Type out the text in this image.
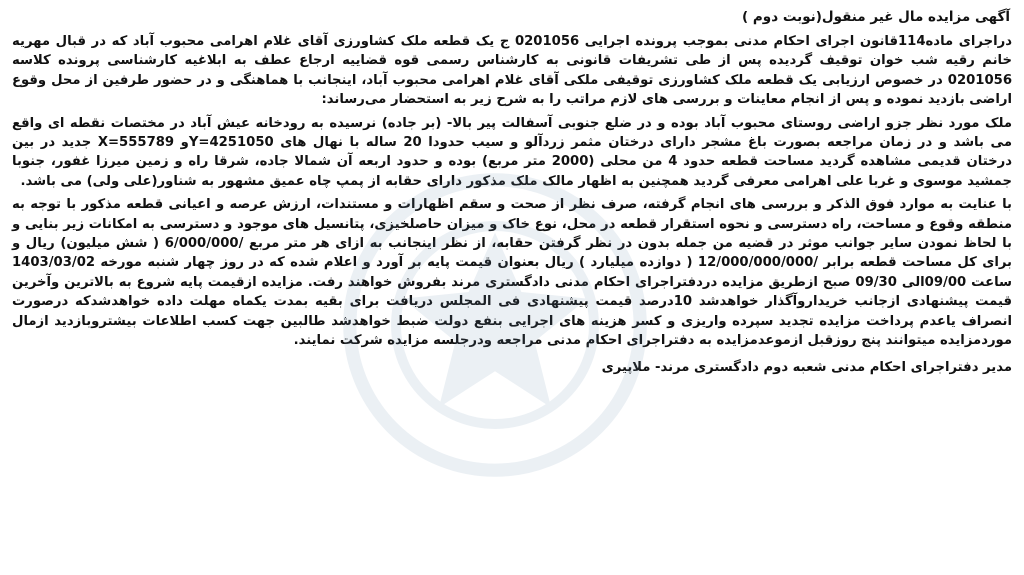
آگهی مزایده مال غیر منقول(نوبت دوم )

دراجرای ماده114قانون اجرای احکام مدنی بموجب پرونده اجرایی 0201056 ج یک قطعه ملک کشاورزی آقای غلام اهرامی محبوب آباد که در قبال مهریه خانم رقیه شب خوان توقیف گردیده پس از طی تشریفات قانونی به کارشناس رسمی قوه قضاییه ارجاع عطف به ابلاغیه کارشناسی پرونده کلاسه 0201056 در خصوص ارزیابی یک قطعه ملک کشاورزی توقیفی ملکی آقای غلام اهرامی محبوب آباد، اینجانب با هماهنگی و در حضور طرفین از محل وقوع اراضی بازدید نموده و پس از انجام معاینات و بررسی های لازم مراتب را به شرح زیر به استحضار می‌رساند:

ملک مورد نظر جزو اراضی روستای محبوب آباد بوده و در ضلع جنوبی آسفالت پیر بالا- (بر جاده) نرسیده به رودخانه عیش آباد در مختصات نقطه ای واقع می باشد و در زمان مراجعه بصورت باغ مشجر دارای درختان مثمر زردآلو و سیب حدودا 20 ساله با نهال های Y=4251050و X=555789 جدید در بین درختان قدیمی مشاهده گردید مساحت قطعه حدود 4 من محلی (2000 متر مربع) بوده و حدود اربعه آن شمالا جاده، شرقا راه و زمین میرزا غفور، جنوبا جمشید موسوی و غربا علی اهرامی معرفی گردید همچنین به اظهار مالک ملک مذکور دارای حقابه از پمپ چاه عمیق مشهور به شناور(علی ولی) می باشد.

با عنایت به موارد فوق الذکر و بررسی های انجام گرفته، صرف نظر از صحت و سقم اظهارات و مستندات، ارزش عرصه و اعیانی قطعه مذکور با توجه به منطقه وقوع و مساحت، راه دسترسی و نحوه استقرار قطعه در محل، نوع خاک و میزان حاصلخیزی، پتانسیل های موجود و دسترسی به امکانات زیر بنایی و با لحاظ نمودن سایر جوانب موثر در قضیه من جمله بدون در نظر گرفتن حقابه، از نظر اینجانب به ازای هر متر مربع /6/000/000 ( شش میلیون) ریال و برای کل مساحت قطعه برابر /12/000/000/000 ( دوازده میلیارد ) ریال بعنوان قیمت پایه بر آورد و اعلام شده که در روز چهار شنبه مورخه 1403/03/02 ساعت 09/00الی 09/30 صبح ازطریق مزایده دردفتراجرای احکام مدنی دادگستری مرند بفروش خواهند رفت. مزایده ازقیمت پایه شروع به بالاترین وآخرین قیمت پیشنهادی ازجانب خریداروآگذار خواهدشد 10درصد قیمت پیشنهادی فی المجلس دریافت برای بقیه بمدت یکماه مهلت داده خواهدشدکه درصورت انصراف یاعدم پرداخت مزایده تجدید سپرده واریزی و کسر هزینه های اجرایی بنفع دولت ضبط خواهدشد طالبین جهت کسب اطلاعات بیشتروبازدید ازمال موردمزایده میتوانند پنج روزقبل ازموعدمزایده به دفتراجرای احکام مدنی مراجعه ودرجلسه مزایده شرکت نمایند.

مدیر دفتراجرای احکام مدنی شعبه دوم دادگستری مرند- ملاپیری
